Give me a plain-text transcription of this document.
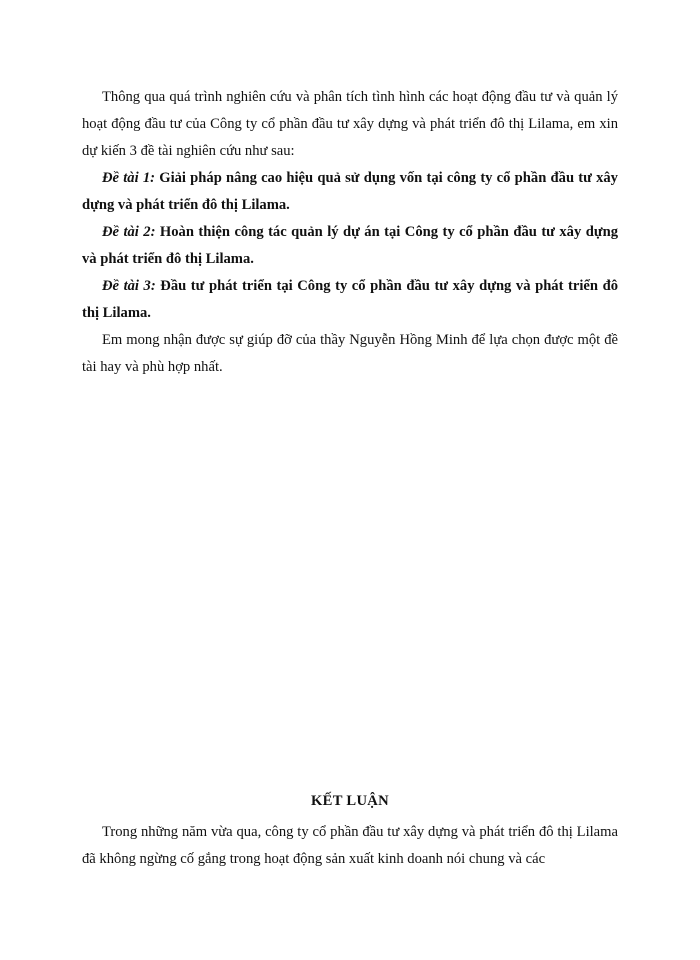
Thông qua quá trình nghiên cứu và phân tích tình hình các hoạt động đầu tư và quản lý hoạt động đầu tư của Công ty cổ phần đầu tư xây dựng và phát triển đô thị Lilama, em xin dự kiến 3 đề tài nghiên cứu như sau:

Đề tài 1: Giải pháp nâng cao hiệu quả sử dụng vốn tại công ty cổ phần đầu tư xây dựng và phát triển đô thị Lilama.

Đề tài 2: Hoàn thiện công tác quản lý dự án tại Công ty cổ phần đầu tư xây dựng và phát triển đô thị Lilama.

Đề tài 3: Đầu tư phát triển tại Công ty cổ phần đầu tư xây dựng và phát triển đô thị Lilama.

Em mong nhận được sự giúp đỡ của thầy Nguyễn Hồng Minh để lựa chọn được một đề tài hay và phù hợp nhất.

KẾT LUẬN

Trong những năm vừa qua, công ty cổ phần đầu tư xây dựng và phát triển đô thị Lilama đã không ngừng cố gắng trong hoạt động sản xuất kinh doanh nói chung và các
